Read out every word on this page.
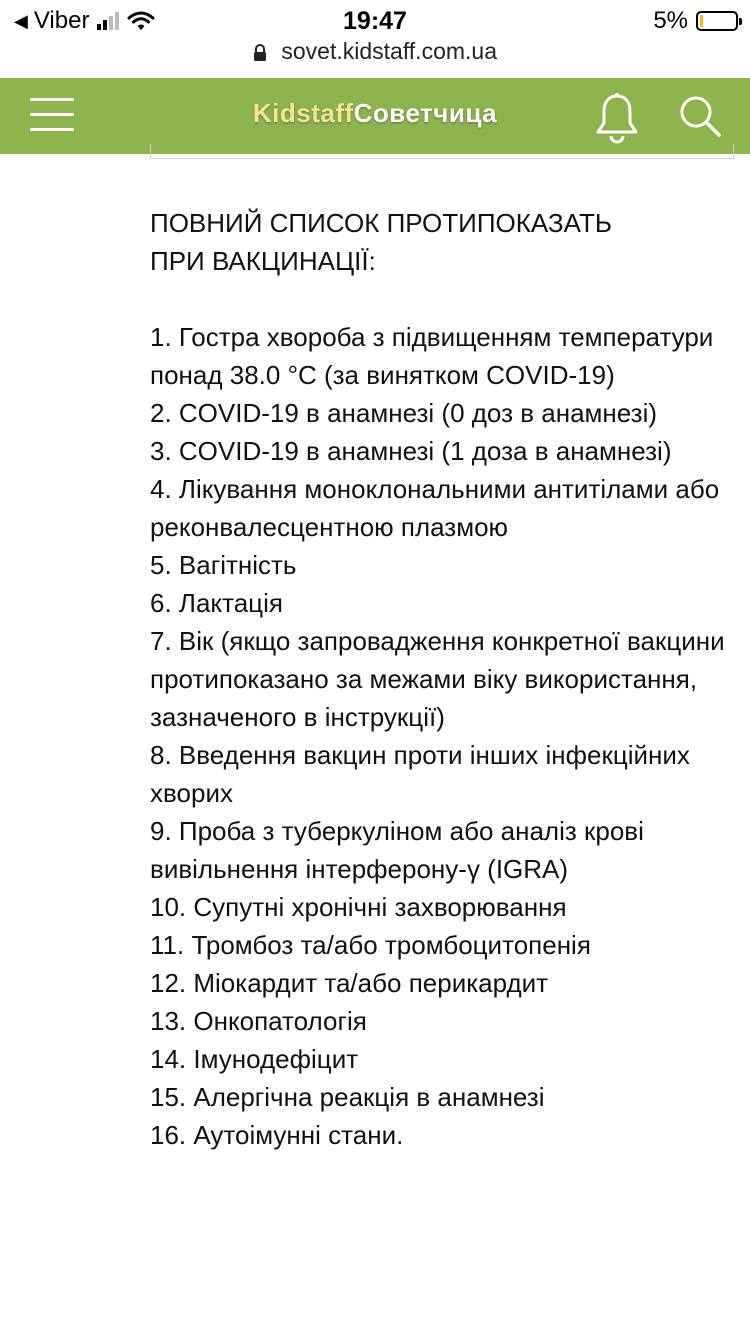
◀ Viber	19:47	5%
sovet.kidstaff.com.ua
KidstaffСоветчица

ПОВНИЙ СПИСОК ПРОТИПОКАЗАТЬ
ПРИ ВАКЦИНАЦІЇ:

1. Гостра хвороба з підвищенням температури понад 38.0 °С (за винятком COVID-19)
2. COVID-19 в анамнезі (0 доз в анамнезі)
3. COVID-19 в анамнезі (1 доза в анамнезі)
4. Лікування моноклональними антитілами або реконвалесцентною плазмою
5. Вагітність
6. Лактація
7. Вік (якщо запровадження конкретної вакцини протипоказано за межами віку використання, зазначеного в інструкції)
8. Введення вакцин проти інших інфекційних хворих
9. Проба з туберкуліном або аналіз крові вивільнення інтерферону-γ (IGRA)
10. Супутні хронічні захворювання
11. Тромбоз та/або тромбоцитопенія
12. Міокардит та/або перикардит
13. Онкопатологія
14. Імунодефіцит
15. Алергічна реакція в анамнезі
16. Аутоімунні стани.
